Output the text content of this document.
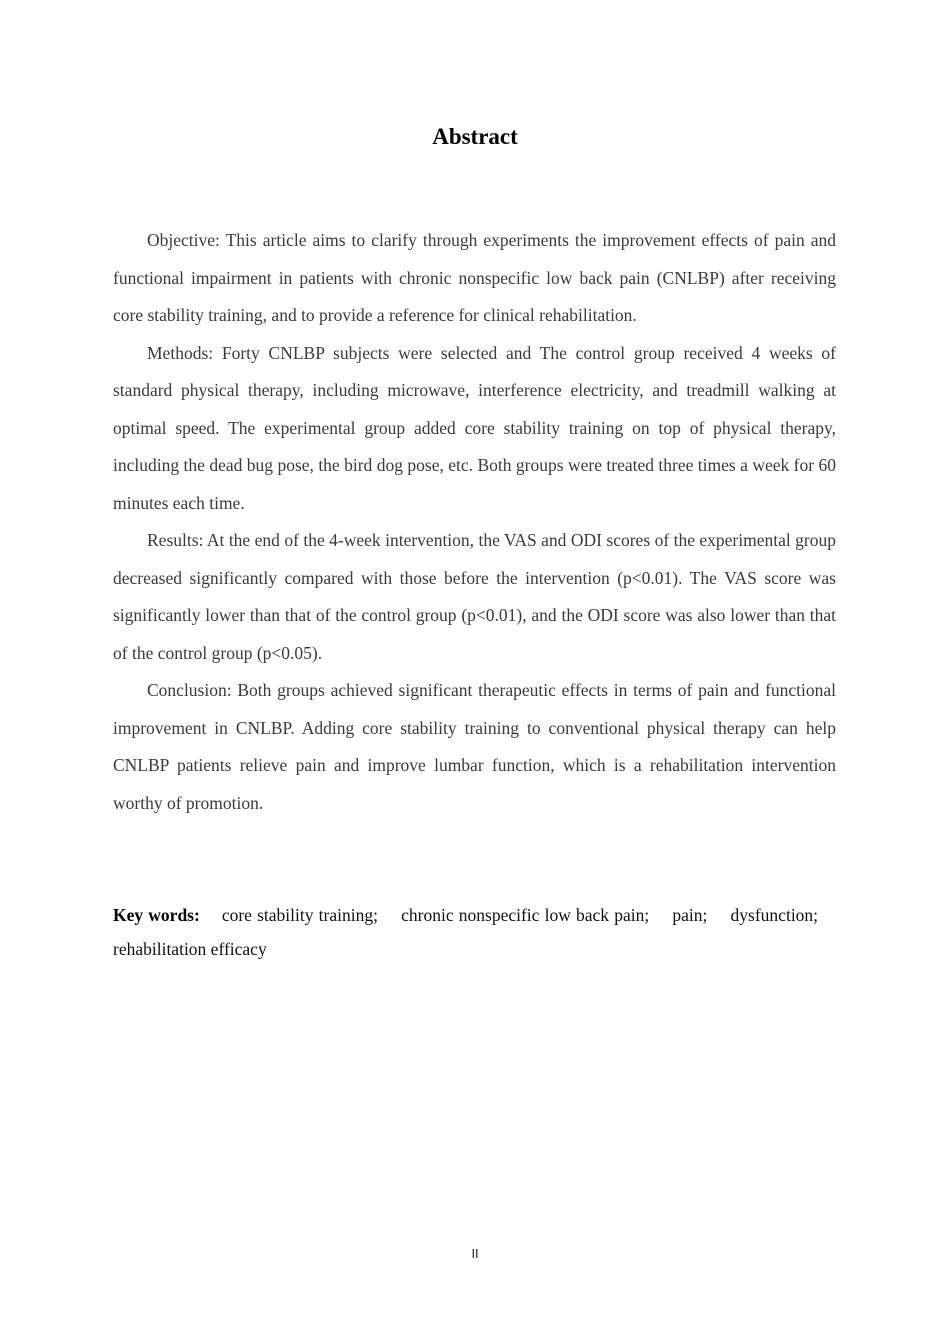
Abstract

Objective: This article aims to clarify through experiments the improvement effects of pain and functional impairment in patients with chronic nonspecific low back pain (CNLBP) after receiving core stability training, and to provide a reference for clinical rehabilitation.

Methods: Forty CNLBP subjects were selected and The control group received 4 weeks of standard physical therapy, including microwave, interference electricity, and treadmill walking at optimal speed. The experimental group added core stability training on top of physical therapy, including the dead bug pose, the bird dog pose, etc. Both groups were treated three times a week for 60 minutes each time.

Results: At the end of the 4-week intervention, the VAS and ODI scores of the experimental group decreased significantly compared with those before the intervention (p<0.01). The VAS score was significantly lower than that of the control group (p<0.01), and the ODI score was also lower than that of the control group (p<0.05).

Conclusion: Both groups achieved significant therapeutic effects in terms of pain and functional improvement in CNLBP. Adding core stability training to conventional physical therapy can help CNLBP patients relieve pain and improve lumbar function, which is a rehabilitation intervention worthy of promotion.

Key words: core stability training; chronic nonspecific low back pain; pain; dysfunction; rehabilitation efficacy

II
